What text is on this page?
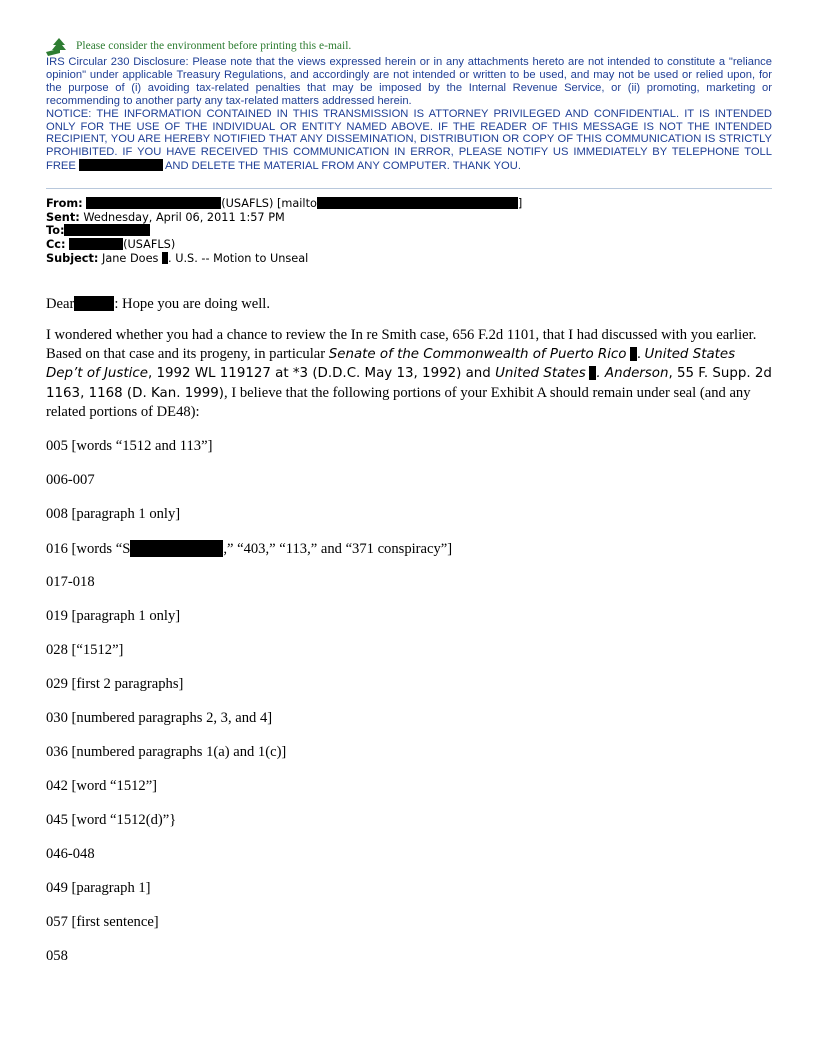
Please consider the environment before printing this e-mail.

IRS Circular 230 Disclosure: Please note that the views expressed herein or in any attachments hereto are not intended to constitute a "reliance opinion" under applicable Treasury Regulations, and accordingly are not intended or written to be used, and may not be used or relied upon, for the purpose of (i) avoiding tax-related penalties that may be imposed by the Internal Revenue Service, or (ii) promoting, marketing or recommending to another party any tax-related matters addressed herein.

NOTICE: THE INFORMATION CONTAINED IN THIS TRANSMISSION IS ATTORNEY PRIVILEGED AND CONFIDENTIAL. IT IS INTENDED ONLY FOR THE USE OF THE INDIVIDUAL OR ENTITY NAMED ABOVE. IF THE READER OF THIS MESSAGE IS NOT THE INTENDED RECIPIENT, YOU ARE HEREBY NOTIFIED THAT ANY DISSEMINATION, DISTRIBUTION OR COPY OF THIS COMMUNICATION IS STRICTLY PROHIBITED. IF YOU HAVE RECEIVED THIS COMMUNICATION IN ERROR, PLEASE NOTIFY US IMMEDIATELY BY TELEPHONE TOLL FREE	AND DELETE THE MATERIAL FROM ANY COMPUTER. THANK YOU.

From:	(USAFLS) [mailto	]
Sent: Wednesday, April 06, 2011 1:57 PM
To:
Cc:	(USAFLS)
Subject: Jane Does . U.S. -- Motion to Unseal

Dear	: Hope you are doing well.

I wondered whether you had a chance to review the In re Smith case, 656 F.2d 1101, that I had discussed with you earlier. Based on that case and its progeny, in particular Senate of the Commonwealth of Puerto Rico . United States Dep’t of Justice, 1992 WL 119127 at *3 (D.D.C. May 13, 1992) and United States . Anderson, 55 F. Supp. 2d 1163, 1168 (D. Kan. 1999), I believe that the following portions of your Exhibit A should remain under seal (and any related portions of DE48):

005 [words “1512 and 113”]

006-007

008 [paragraph 1 only]

016 [words “S	,” “403,” “113,” and “371 conspiracy”]

017-018

019 [paragraph 1 only]

028 [“1512”]

029 [first 2 paragraphs]

030 [numbered paragraphs 2, 3, and 4]

036 [numbered paragraphs 1(a) and 1(c)]

042 [word “1512”]

045 [word “1512(d)”}

046-048

049 [paragraph 1]

057 [first sentence]

058
